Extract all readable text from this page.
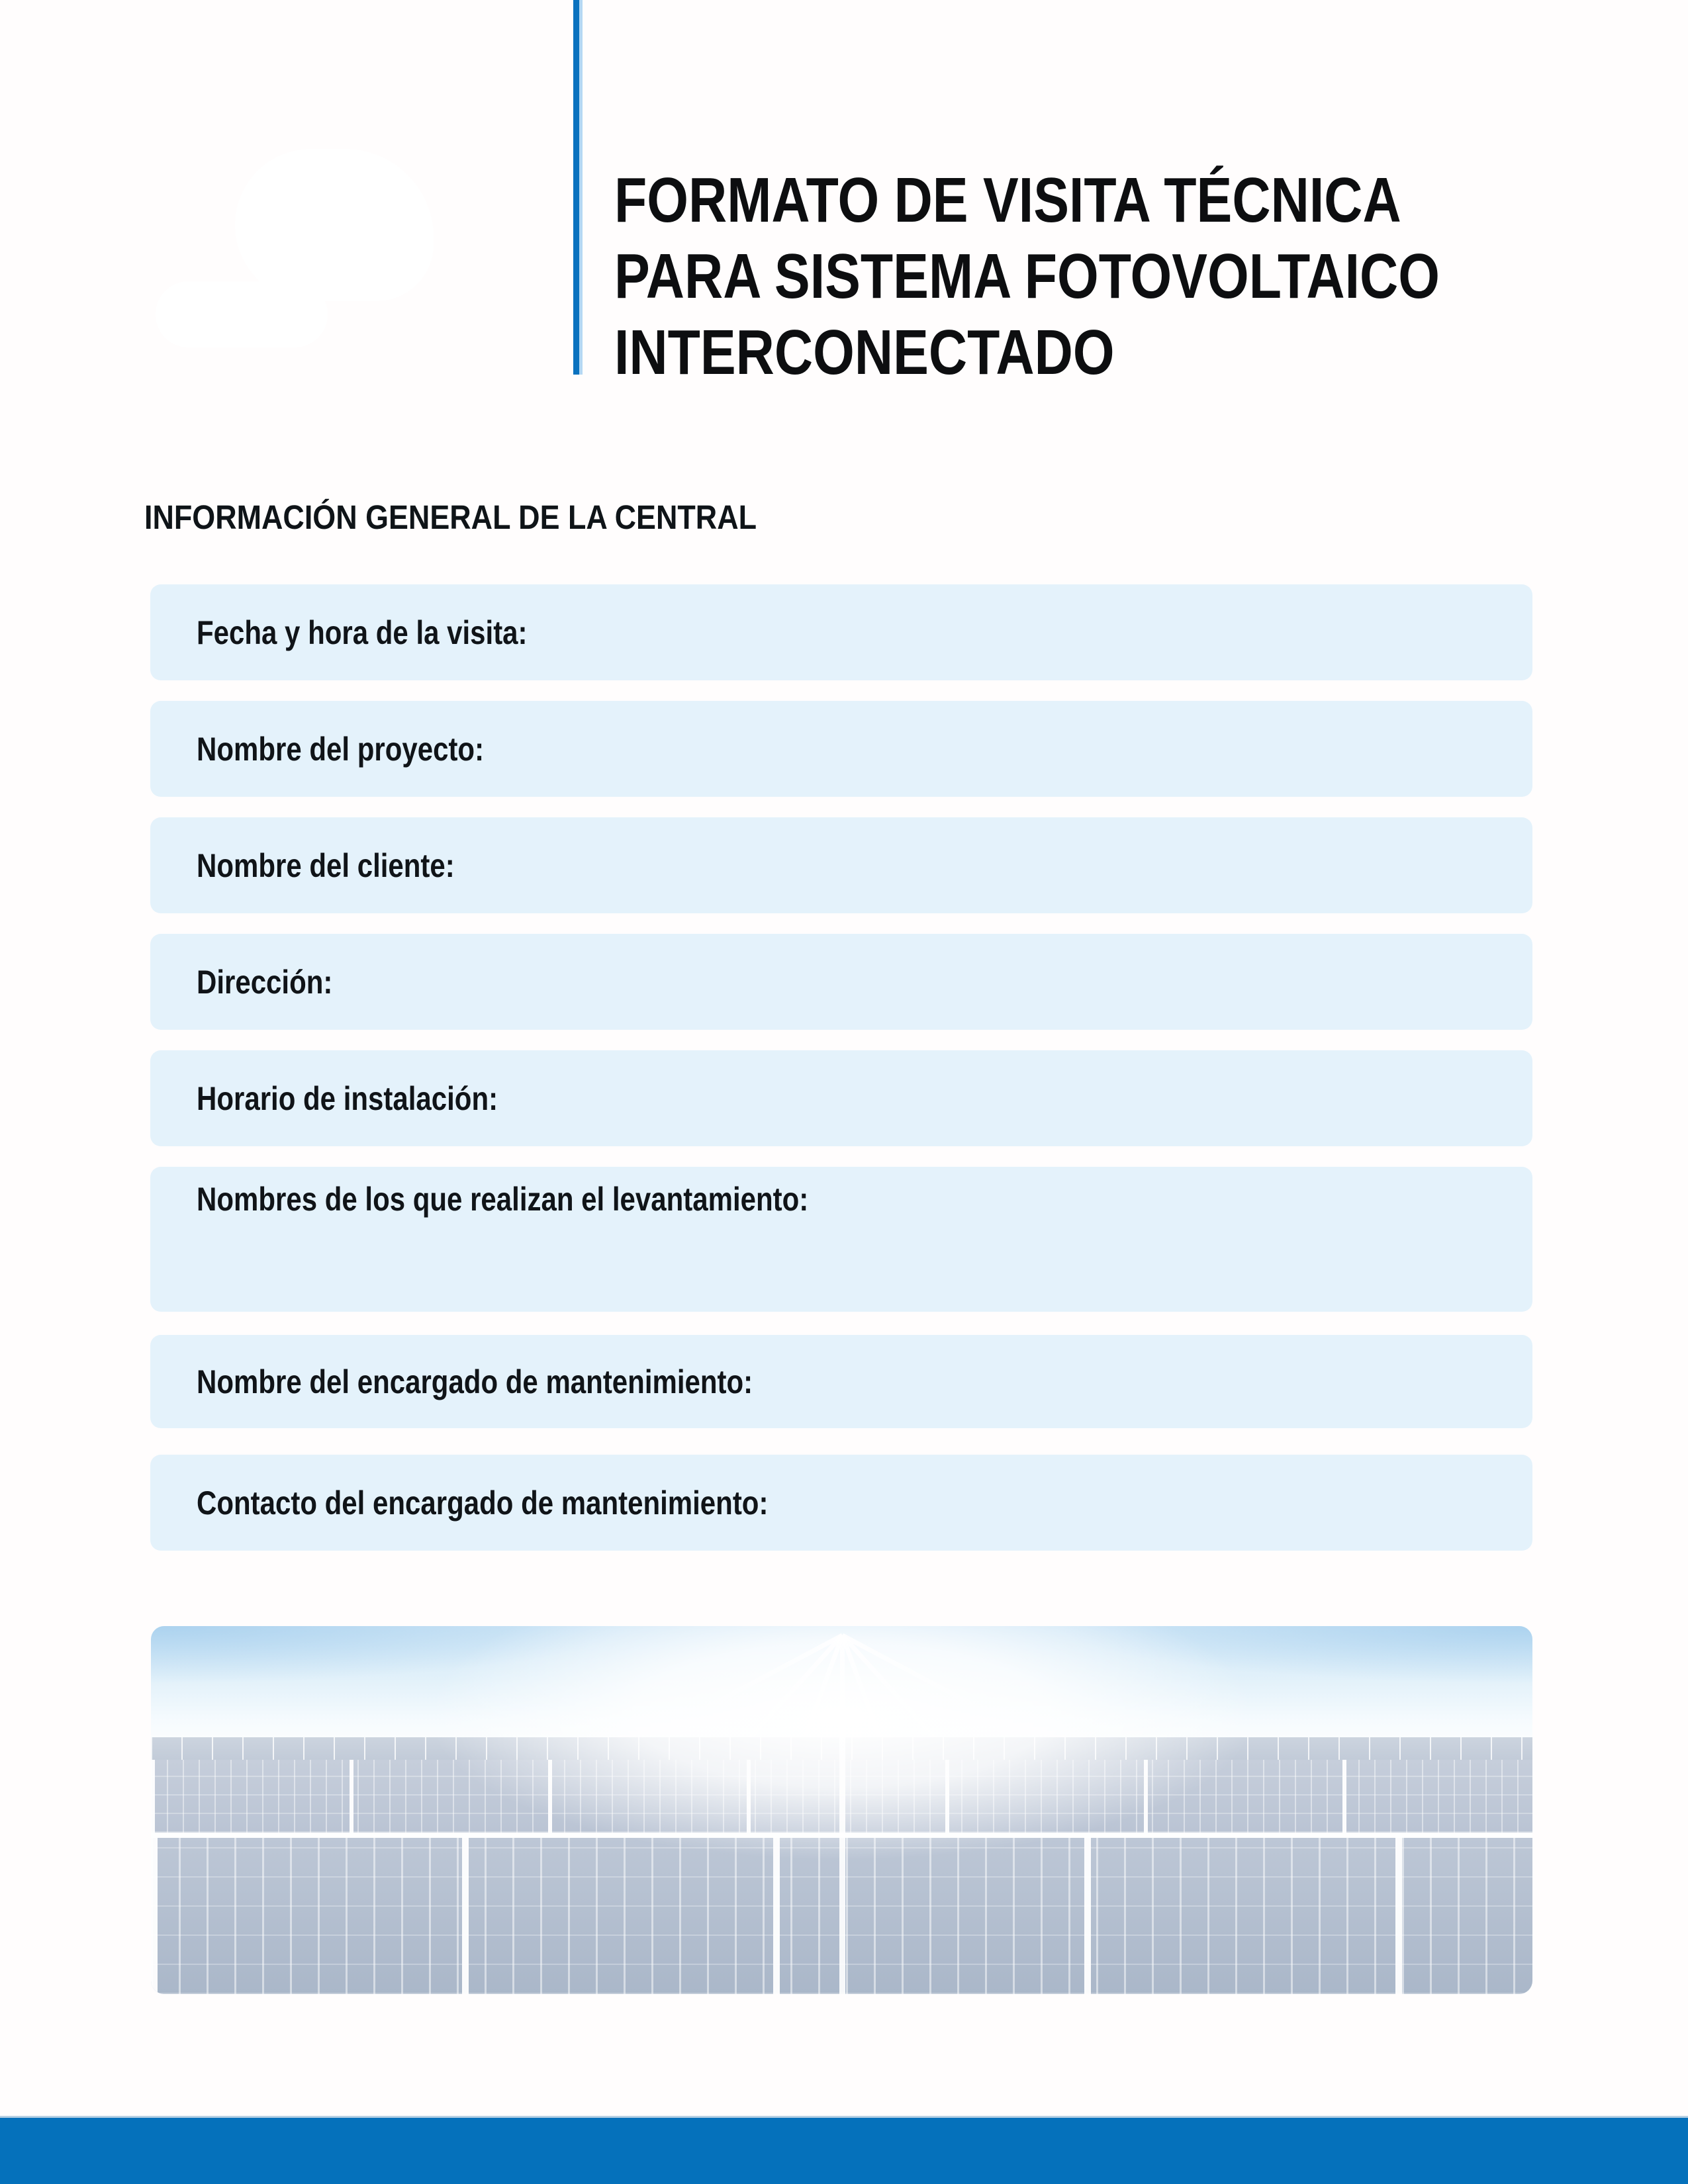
FORMATO DE VISITA TÉCNICA
PARA SISTEMA FOTOVOLTAICO
INTERCONECTADO
INFORMACIÓN GENERAL DE LA CENTRAL
Fecha y hora de la visita:
Nombre del proyecto:
Nombre del cliente:
Dirección:
Horario de instalación:
Nombres de los que realizan el levantamiento:
Nombre del encargado de mantenimiento:
Contacto del encargado de mantenimiento:
